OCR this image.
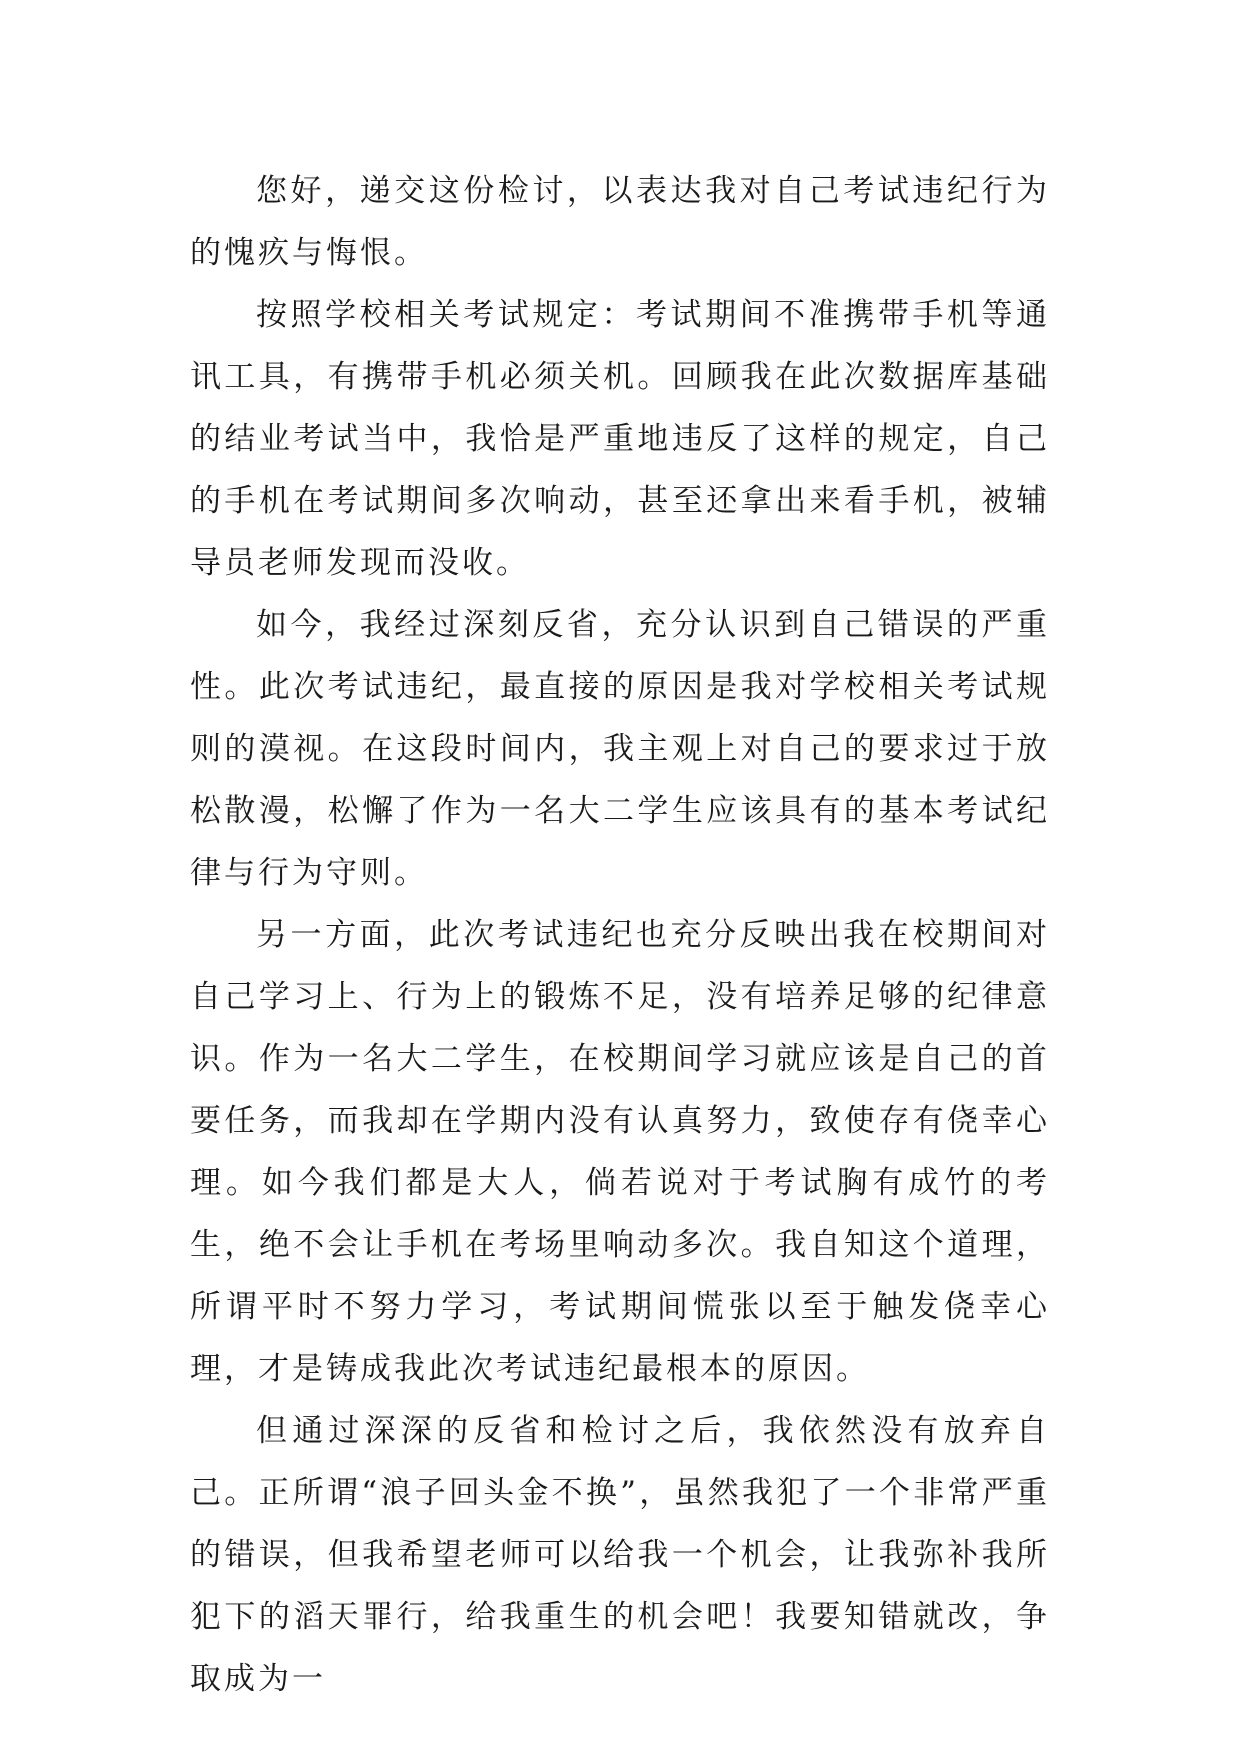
您好，递交这份检讨，以表达我对自己考试违纪行为的愧疚与悔恨。

按照学校相关考试规定：考试期间不准携带手机等通讯工具，有携带手机必须关机。回顾我在此次数据库基础的结业考试当中，我恰是严重地违反了这样的规定，自己的手机在考试期间多次响动，甚至还拿出来看手机，被辅导员老师发现而没收。

如今，我经过深刻反省，充分认识到自己错误的严重性。此次考试违纪，最直接的原因是我对学校相关考试规则的漠视。在这段时间内，我主观上对自己的要求过于放松散漫，松懈了作为一名大二学生应该具有的基本考试纪律与行为守则。

另一方面，此次考试违纪也充分反映出我在校期间对自己学习上、行为上的锻炼不足，没有培养足够的纪律意识。作为一名大二学生，在校期间学习就应该是自己的首要任务，而我却在学期内没有认真努力，致使存有侥幸心理。如今我们都是大人，倘若说对于考试胸有成竹的考生，绝不会让手机在考场里响动多次。我自知这个道理，所谓平时不努力学习，考试期间慌张以至于触发侥幸心理，才是铸成我此次考试违纪最根本的原因。

但通过深深的反省和检讨之后，我依然没有放弃自己。正所谓“浪子回头金不换”，虽然我犯了一个非常严重的错误，但我希望老师可以给我一个机会，让我弥补我所犯下的滔天罪行，给我重生的机会吧！我要知错就改，争取成为一
